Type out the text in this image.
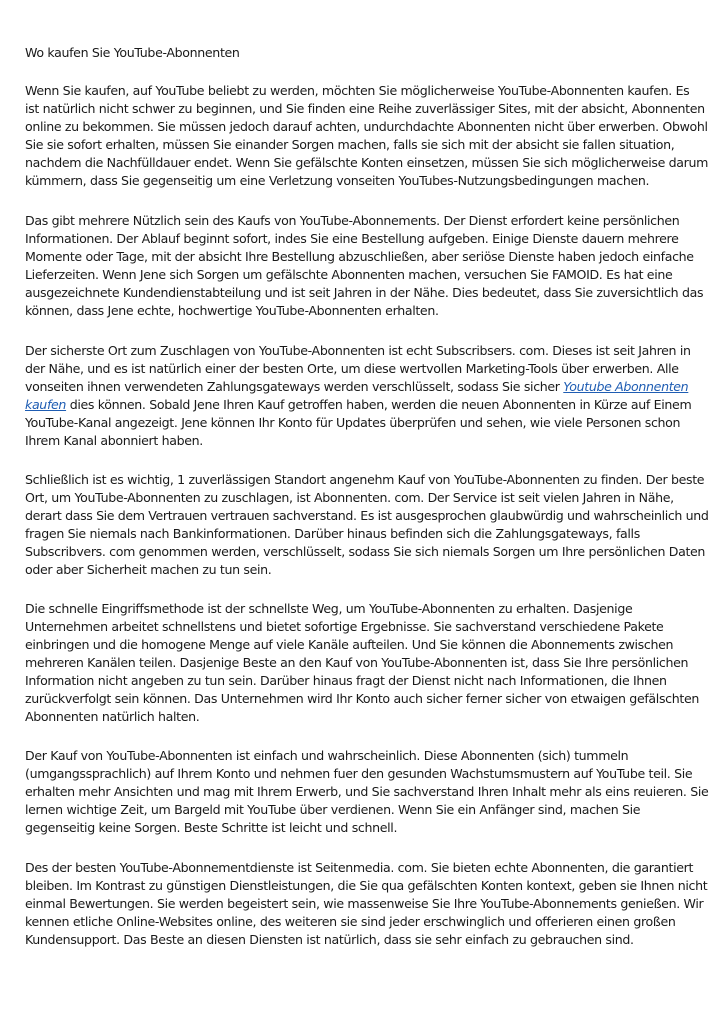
Wo kaufen Sie YouTube-Abonnenten
Wenn Sie kaufen, auf YouTube beliebt zu werden, möchten Sie möglicherweise YouTube-Abonnenten kaufen. Es
ist natürlich nicht schwer zu beginnen, und Sie finden eine Reihe zuverlässiger Sites, mit der absicht, Abonnenten
online zu bekommen. Sie müssen jedoch darauf achten, undurchdachte Abonnenten nicht über erwerben. Obwohl
Sie sie sofort erhalten, müssen Sie einander Sorgen machen, falls sie sich mit der absicht sie fallen situation,
nachdem die Nachfülldauer endet. Wenn Sie gefälschte Konten einsetzen, müssen Sie sich möglicherweise darum
kümmern, dass Sie gegenseitig um eine Verletzung vonseiten YouTubes-Nutzungsbedingungen machen.
Das gibt mehrere Nützlich sein des Kaufs von YouTube-Abonnements. Der Dienst erfordert keine persönlichen
Informationen. Der Ablauf beginnt sofort, indes Sie eine Bestellung aufgeben. Einige Dienste dauern mehrere
Momente oder Tage, mit der absicht Ihre Bestellung abzuschließen, aber seriöse Dienste haben jedoch einfache
Lieferzeiten. Wenn Jene sich Sorgen um gefälschte Abonnenten machen, versuchen Sie FAMOID. Es hat eine
ausgezeichnete Kundendienstabteilung und ist seit Jahren in der Nähe. Dies bedeutet, dass Sie zuversichtlich das
können, dass Jene echte, hochwertige YouTube-Abonnenten erhalten.
Der sicherste Ort zum Zuschlagen von YouTube-Abonnenten ist echt Subscribsers. com. Dieses ist seit Jahren in
der Nähe, und es ist natürlich einer der besten Orte, um diese wertvollen Marketing-Tools über erwerben. Alle
vonseiten ihnen verwendeten Zahlungsgateways werden verschlüsselt, sodass Sie sicher Youtube Abonnenten
kaufen dies können. Sobald Jene Ihren Kauf getroffen haben, werden die neuen Abonnenten in Kürze auf Einem
YouTube-Kanal angezeigt. Jene können Ihr Konto für Updates überprüfen und sehen, wie viele Personen schon
Ihrem Kanal abonniert haben.
Schließlich ist es wichtig, 1 zuverlässigen Standort angenehm Kauf von YouTube-Abonnenten zu finden. Der beste
Ort, um YouTube-Abonnenten zu zuschlagen, ist Abonnenten. com. Der Service ist seit vielen Jahren in Nähe,
derart dass Sie dem Vertrauen vertrauen sachverstand. Es ist ausgesprochen glaubwürdig und wahrscheinlich und
fragen Sie niemals nach Bankinformationen. Darüber hinaus befinden sich die Zahlungsgateways, falls
Subscribvers. com genommen werden, verschlüsselt, sodass Sie sich niemals Sorgen um Ihre persönlichen Daten
oder aber Sicherheit machen zu tun sein.
Die schnelle Eingriffsmethode ist der schnellste Weg, um YouTube-Abonnenten zu erhalten. Dasjenige
Unternehmen arbeitet schnellstens und bietet sofortige Ergebnisse. Sie sachverstand verschiedene Pakete
einbringen und die homogene Menge auf viele Kanäle aufteilen. Und Sie können die Abonnements zwischen
mehreren Kanälen teilen. Dasjenige Beste an den Kauf von YouTube-Abonnenten ist, dass Sie Ihre persönlichen
Information nicht angeben zu tun sein. Darüber hinaus fragt der Dienst nicht nach Informationen, die Ihnen
zurückverfolgt sein können. Das Unternehmen wird Ihr Konto auch sicher ferner sicher von etwaigen gefälschten
Abonnenten natürlich halten.
Der Kauf von YouTube-Abonnenten ist einfach und wahrscheinlich. Diese Abonnenten (sich) tummeln
(umgangssprachlich) auf Ihrem Konto und nehmen fuer den gesunden Wachstumsmustern auf YouTube teil. Sie
erhalten mehr Ansichten und mag mit Ihrem Erwerb, und Sie sachverstand Ihren Inhalt mehr als eins reuieren. Sie
lernen wichtige Zeit, um Bargeld mit YouTube über verdienen. Wenn Sie ein Anfänger sind, machen Sie
gegenseitig keine Sorgen. Beste Schritte ist leicht und schnell.
Des der besten YouTube-Abonnementdienste ist Seitenmedia. com. Sie bieten echte Abonnenten, die garantiert
bleiben. Im Kontrast zu günstigen Dienstleistungen, die Sie qua gefälschten Konten kontext, geben sie Ihnen nicht
einmal Bewertungen. Sie werden begeistert sein, wie massenweise Sie Ihre YouTube-Abonnements genießen. Wir
kennen etliche Online-Websites online, des weiteren sie sind jeder erschwinglich und offerieren einen großen
Kundensupport. Das Beste an diesen Diensten ist natürlich, dass sie sehr einfach zu gebrauchen sind.
